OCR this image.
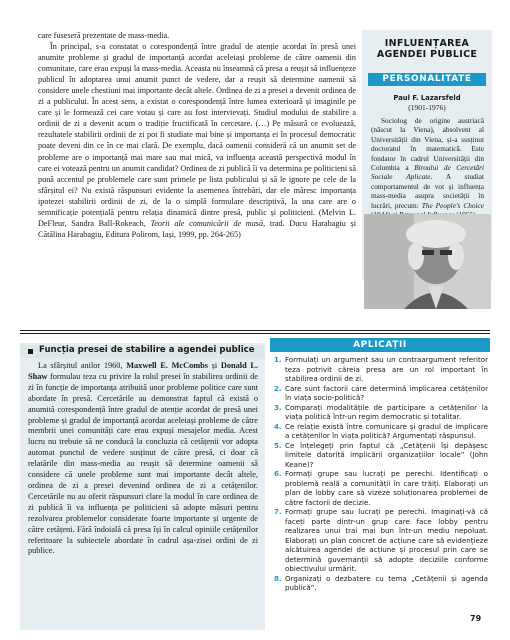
care fuseseră prezentate de mass-media.
În principal, s-a constatat o corespondență între gradul de atenție acordat în presă unei anumite probleme și gradul de importanță acordat aceleiași probleme de către oamenii din comunitate, care erau expuși la mass-media. Aceasta nu înseamnă că presa a reușit să influențeze publicul în adoptarea unui anumit punct de vedere, dar a reușit să determine oamenii să considere unele chestiuni mai importante decât altele. Ordinea de zi a presei a devenit ordinea de zi a publicului. În acest sens, a existat o corespondență între lumea exterioară și imaginile pe care și le formează cei care votau și care au fost intervievați. Studiul modului de stabilire a ordinii de zi a devenit acum o tradiție fructificată în cercetare. (…) Pe măsură ce evoluează, rezultatele stabilirii ordinii de zi pot fi studiate mai bine și importanța ei în procesul democratic poate deveni din ce în ce mai clară. De exemplu, dacă oamenii consideră că un anumit set de probleme are o importanță mai mare sau mai mică, va influența această perspectivă modul în care ei votează pentru un anumit candidat? Ordinea de zi publică îi va determina pe politicieni să pună accentul pe problemele care sunt primele pe lista publicului și să le ignore pe cele de la sfârșitul ei? Nu există răspunsuri evidente la asemenea întrebări, dar ele măresc importanța ipotezei stabilirii ordinii de zi, de la o simplă formulare descriptivă, la una care are o semnificație potențială pentru relația dinamică dintre presă, public și politicieni. (Melvin L. DeFleur, Sandra Ball-Rokeach, Teorii ale comunicării de masă, trad. Ducu Harabagiu și Cătălina Harabagiu, Editura Polirom, Iași, 1999, pp. 264-265)
INFLUENȚAREA
AGENDEI PUBLICE
PERSONALITATE
Paul F. Lazarsfeld
(1901-1976)
Sociolog de origine austriacă (născut la Viena), absolvent al Universității din Viena, și-a susținut doctoratul în matematică. Este fondator în cadrul Universității din Columbia a Biroului de Cercetări Sociale Aplicate. A studiat comportamentul de vot și influența mass-media asupra societății în lucrări, precum: The People's Choice
Funcția presei de stabilire a agendei publice
La sfârșitul anilor 1960, Maxwell E. McCombs și Donald L. Shaw formulau teza cu privire la rolul presei în stabilirea ordinii de zi în funcție de importanța atribuită unor probleme politice care sunt abordate în presă. Cercetările au demonstrat faptul că există o anumită corespondență între gradul de atenție acordat de presă unei probleme și gradul de importanță acordat aceleiași probleme de către membrii unei comunități care erau expuși mesajelor media. Acest lucru nu trebuie să ne conducă la concluzia că cetățenii vor adopta automat punctul de vedere susținut de către presă, ci doar că relatările din mass-media au reușit să determine oamenii să considere că unele probleme sunt mai importante decât altele, ordinea de zi a presei devenind ordinea de zi a cetățenilor. Cercetările nu au oferit răspunsuri clare la modul în care ordinea de zi publică îi va influența pe politicieni să adopte măsuri pentru rezolvarea problemelor considerate foarte importante și urgente de către cetățeni. Fără îndoială că presa își în calcul opiniile cetățenilor referitoare la subiectele abordate în cadrul așa-zisei ordini de zi publice.
APLICAȚII
1. Formulați un argument sau un contraargument referitor teza potrivit căreia presa are un rol important în stabilirea ordinii de zi.
2. Care sunt factorii care determină implicarea cetățenilor în viața socio-politică?
3. Comparați modalitățile de participare a cetățenilor la viața politică într-un regim democratic și totalitar.
4. Ce relație există între comunicare și gradul de implicare a cetățenilor în viața politică? Argumentați răspunsul.
5. Ce înțelegeți prin faptul că „Cetățenii își depășesc limitele datorită implicării organizațiilor locale” (John Keane)?
6. Formați grupe sau lucrați pe perechi. Identificați o problemă reală a comunității în care trăiți. Elaborați un plan de lobby care să vizeze soluționarea problemei de către factorii de decizie.
7. Formați grupe sau lucrați pe perechi. Imaginați-vă că faceți parte dintr-un grup care face lobby pentru realizarea unui trai mai bun într-un mediu nepoluat. Elaborați un plan concret de acțiune care să evidențieze alcătuirea agendei de acțiune și procesul prin care se determină guvernanții să adopte deciziile conforme obiectivului urmărit.
8. Organizați o dezbatere cu tema „Cetățenii și agenda publică”.
79
